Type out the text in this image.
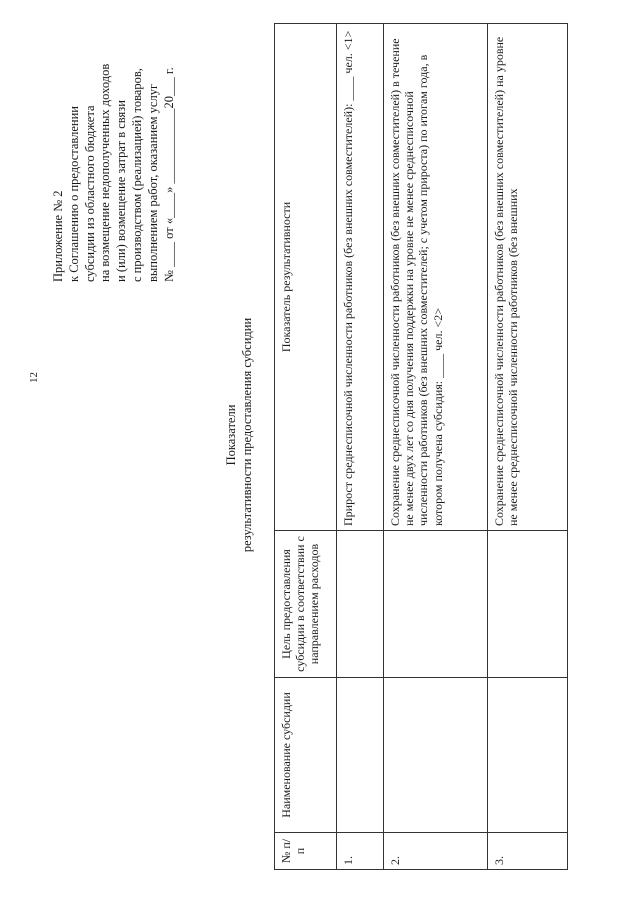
12
Приложение № 2 к Соглашению о предоставлении субсидии из областного бюджета на возмещение недополученных доходов и (или) возмещение затрат в связи с производством (реализацией) товаров, выполнением работ, оказанием услуг № ____ от «____» ____________20___ г.
Показатели результативности предоставления субсидии
№ п/п	Наименование субсидии	Цель предоставления субсидии в соответствии с направлением расходов	Показатель результативности
1.			Прирост среднесписочной численности работников (без внешних совместителей): ____ чел. <1>
2.			Сохранение среднесписочной численности работников (без внешних совместителей) в течение не менее двух лет со дня получения поддержки на уровне не менее среднесписочной численности работников (без внешних совместителей; с учетом прироста) по итогам года, в котором получена субсидия: ____ чел. <2>
3.			Сохранение среднесписочной численности работников (без внешних совместителей) на уровне не менее среднесписочной численности работников (без внешних
